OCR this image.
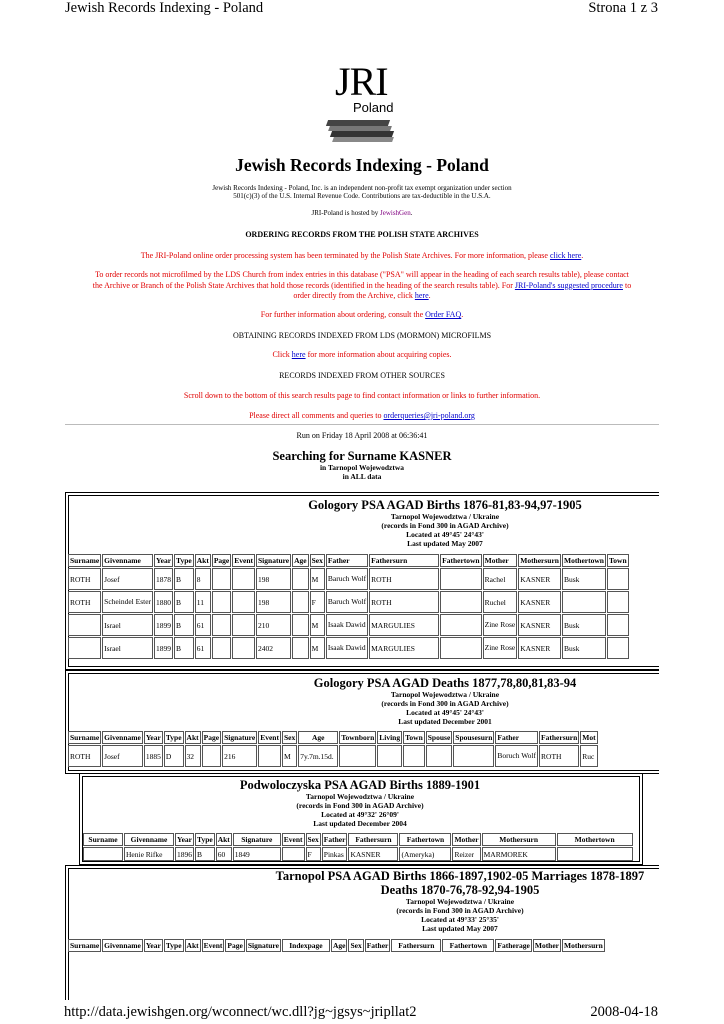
Jewish Records Indexing - Poland	Strona 1 z 3
JRI
Poland
Jewish Records Indexing - Poland
Jewish Records Indexing - Poland, Inc. is an independent non-profit tax exempt organization under section
501(c)(3) of the U.S. Internal Revenue Code. Contributions are tax-deductible in the U.S.A.
JRI-Poland is hosted by JewishGen.
ORDERING RECORDS FROM THE POLISH STATE ARCHIVES
The JRI-Poland online order processing system has been terminated by the Polish State Archives. For more information, please click here.
To order records not microfilmed by the LDS Church from index entries in this database ("PSA" will appear in the heading of each search results table), please contact
the Archive or Branch of the Polish State Archives that hold those records (identified in the heading of the search results table). For JRI-Poland's suggested procedure to
order directly from the Archive, click here.
For further information about ordering, consult the Order FAQ.
OBTAINING RECORDS INDEXED FROM LDS (MORMON) MICROFILMS
Click here for more information about acquiring copies.
RECORDS INDEXED FROM OTHER SOURCES
Scroll down to the bottom of this search results page to find contact information or links to further information.
Please direct all comments and queries to orderqueries@jri-poland.org
Run on Friday 18 April 2008 at 06:36:41
Searching for Surname KASNER
in Tarnopol Wojewodztwa
in ALL data
Gologory PSA AGAD Births 1876-81,83-94,97-1905
Tarnopol Wojewodztwa / Ukraine
(records in Fond 300 in AGAD Archive)
Located at 49°45' 24°43'
Last updated May 2007
Surname	Givenname	Year	Type	Akt	Page	Event	Signature	Age	Sex	Father	Fathersurn	Fathertown	Mother	Mothersurn	Mothertown	Town
ROTH	Josef	1878	B	8			198		M	Baruch Wolf	ROTH		Rachel	KASNER	Busk	
ROTH	Scheindel Ester	1880	B	11			198		F	Baruch Wolf	ROTH		Ruchel	KASNER		
	Israel	1899	B	61			210		M	Isaak Dawid	MARGULIES		Zine Rose	KASNER	Busk	
	Israel	1899	B	61			2402		M	Isaak Dawid	MARGULIES		Zine Rose	KASNER	Busk	
Gologory PSA AGAD Deaths 1877,78,80,81,83-94
Tarnopol Wojewodztwa / Ukraine
(records in Fond 300 in AGAD Archive)
Located at 49°45' 24°43'
Last updated December 2001
Surname	Givenname	Year	Type	Akt	Page	Signature	Event	Sex	Age	Townborn	Living	Town	Spouse	Spousesurn	Father	Fathersurn	Mot
ROTH	Josef	1885	D	32		216		M	7y.7m.15d.						Boruch Wolf	ROTH	Ruc
Podwoloczyska PSA AGAD Births 1889-1901
Tarnopol Wojewodztwa / Ukraine
(records in Fond 300 in AGAD Archive)
Located at 49°32' 26°09'
Last updated December 2004
Surname	Givenname	Year	Type	Akt	Signature	Event	Sex	Father	Fathersurn	Fathertown	Mother	Mothersurn	Mothertown
	Henie Rifke	1896	B	60	1849		F	Pinkas	KASNER	(Ameryka)	Reizer	MARMOREK	
Tarnopol PSA AGAD Births 1866-1897,1902-05 Marriages 1878-1897
Deaths 1870-76,78-92,94-1905
Tarnopol Wojewodztwa / Ukraine
(records in Fond 300 in AGAD Archive)
Located at 49°33' 25°35'
Last updated May 2007
Surname	Givenname	Year	Type	Akt	Event	Page	Signature	Indexpage	Age	Sex	Father	Fathersurn	Fathertown	Fatherage	Mother	Mothersurn
http://data.jewishgen.org/wconnect/wc.dll?jg~jgsys~jripllat2	2008-04-18
